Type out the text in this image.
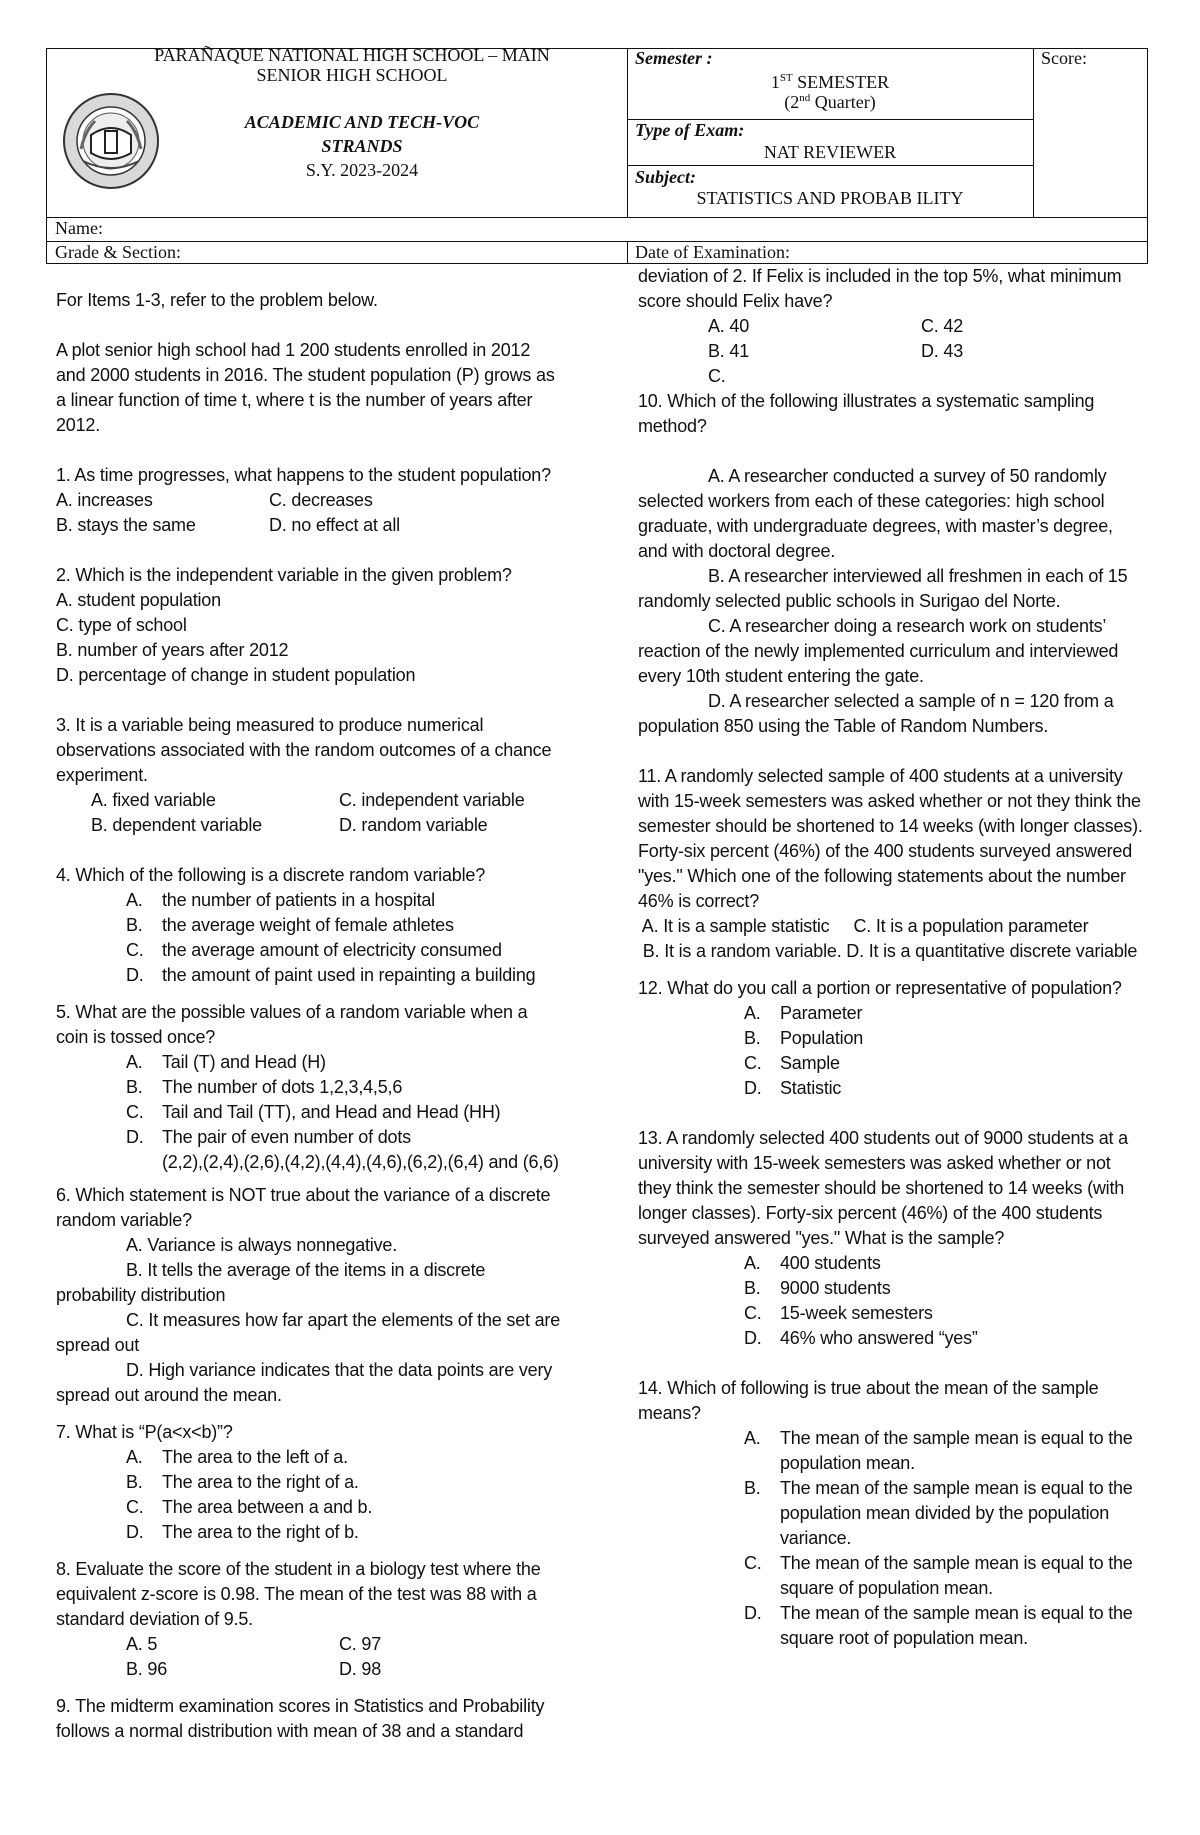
PARAÑAQUE NATIONAL HIGH SCHOOL – MAIN
SENIOR HIGH SCHOOL
ACADEMIC AND TECH-VOC
STRANDS
S.Y. 2023-2024
Semester :
1ST SEMESTER
(2nd Quarter)
Type of Exam:
NAT REVIEWER
Subject:
STATISTICS AND PROBAB ILITY
Score:
Name:
Grade & Section:	Date of Examination:

For Items 1-3, refer to the problem below.

A plot senior high school had 1 200 students enrolled in 2012

and 2000 students in 2016. The student population (P) grows as

a linear function of time t, where t is the number of years after

2012.

1. As time progresses, what happens to the student population?

A. increases	C. decreases
B. stays the same	D. no effect at all

2. Which is the independent variable in the given problem?

A. student population

C. type of school

B. number of years after 2012

D. percentage of change in student population

3. It is a variable being measured to produce numerical

observations associated with the random outcomes of a chance

experiment.

A. fixed variable	C. independent variable
B. dependent variable	D. random variable

4. Which of the following is a discrete random variable?

A.	the number of patients in a hospital
B.	the average weight of female athletes
C.	the average amount of electricity consumed
D.	the amount of paint used in repainting a building

5. What are the possible values of a random variable when a

coin is tossed once?

A.	Tail (T) and Head (H)
B.	The number of dots 1,2,3,4,5,6
C.	Tail and Tail (TT), and Head and Head (HH)
D.	The pair of even number of dots

(2,2),(2,4),(2,6),(4,2),(4,4),(4,6),(6,2),(6,4) and (6,6)

6. Which statement is NOT true about the variance of a discrete

random variable?

A. Variance is always nonnegative.

B. It tells the average of the items in a discrete

probability distribution

C. It measures how far apart the elements of the set are

spread out

D. High variance indicates that the data points are very

spread out around the mean.

7. What is “P(a<x<b)”?

A.	The area to the left of a.
B.	The area to the right of a.
C.	The area between a and b.
D.	The area to the right of b.

8. Evaluate the score of the student in a biology test where the

equivalent z-score is 0.98. The mean of the test was 88 with a

standard deviation of 9.5.

A. 5	C. 97
B. 96	D. 98

9. The midterm examination scores in Statistics and Probability

follows a normal distribution with mean of 38 and a standard

deviation of 2. If Felix is included in the top 5%, what minimum

score should Felix have?

A. 40	C. 42
B. 41	D. 43

C.

10. Which of the following illustrates a systematic sampling

method?

A. A researcher conducted a survey of 50 randomly

selected workers from each of these categories: high school

graduate, with undergraduate degrees, with master’s degree,

and with doctoral degree.

B. A researcher interviewed all freshmen in each of 15

randomly selected public schools in Surigao del Norte.

C. A researcher doing a research work on students’

reaction of the newly implemented curriculum and interviewed

every 10th student entering the gate.

D. A researcher selected a sample of n = 120 from a

population 850 using the Table of Random Numbers.

11. A randomly selected sample of 400 students at a university

with 15-week semesters was asked whether or not they think the

semester should be shortened to 14 weeks (with longer classes).

Forty-six percent (46%) of the 400 students surveyed answered

"yes." Which one of the following statements about the number

46% is correct?

A. It is a sample statistic     C. It is a population parameter

B. It is a random variable. D. It is a quantitative discrete variable

12. What do you call a portion or representative of population?

A.	Parameter
B.	Population
C.	Sample
D.	Statistic

13. A randomly selected 400 students out of 9000 students at a

university with 15-week semesters was asked whether or not

they think the semester should be shortened to 14 weeks (with

longer classes). Forty-six percent (46%) of the 400 students

surveyed answered "yes." What is the sample?

A.	400 students
B.	9000 students
C.	15-week semesters
D.	46% who answered “yes”

14. Which of following is true about the mean of the sample

means?

A.	The mean of the sample mean is equal to the

population mean.

B.	The mean of the sample mean is equal to the

population mean divided by the population

variance.

C.	The mean of the sample mean is equal to the

square of population mean.

D.	The mean of the sample mean is equal to the

square root of population mean.
